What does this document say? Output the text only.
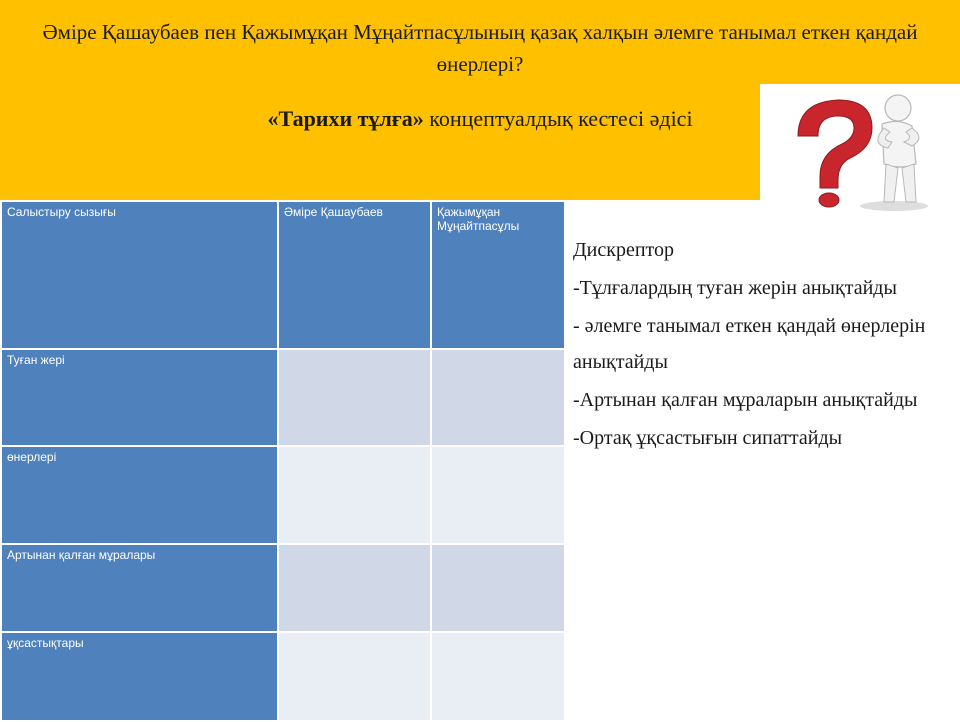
Әміре Қашаубаев пен Қажымұқан Мұңайтпасұлының қазақ халқын әлемге танымал еткен қандай өнерлері?
«Тарихи тұлға» концептуалдық кестесі әдісі
Салыстыру сызығы	Әміре Қашаубаев	Қажымұқан Мұңайтпасұлы
Туған жері		
өнерлері		
Артынан қалған мұралары		
ұқсастықтары		

Дискрептор

-Тұлғалардың туған жерін анықтайды

- әлемге танымал еткен қандай өнерлерін анықтайды

-Артынан қалған мұраларын анықтайды

-Ортақ ұқсастығын сипаттайды
